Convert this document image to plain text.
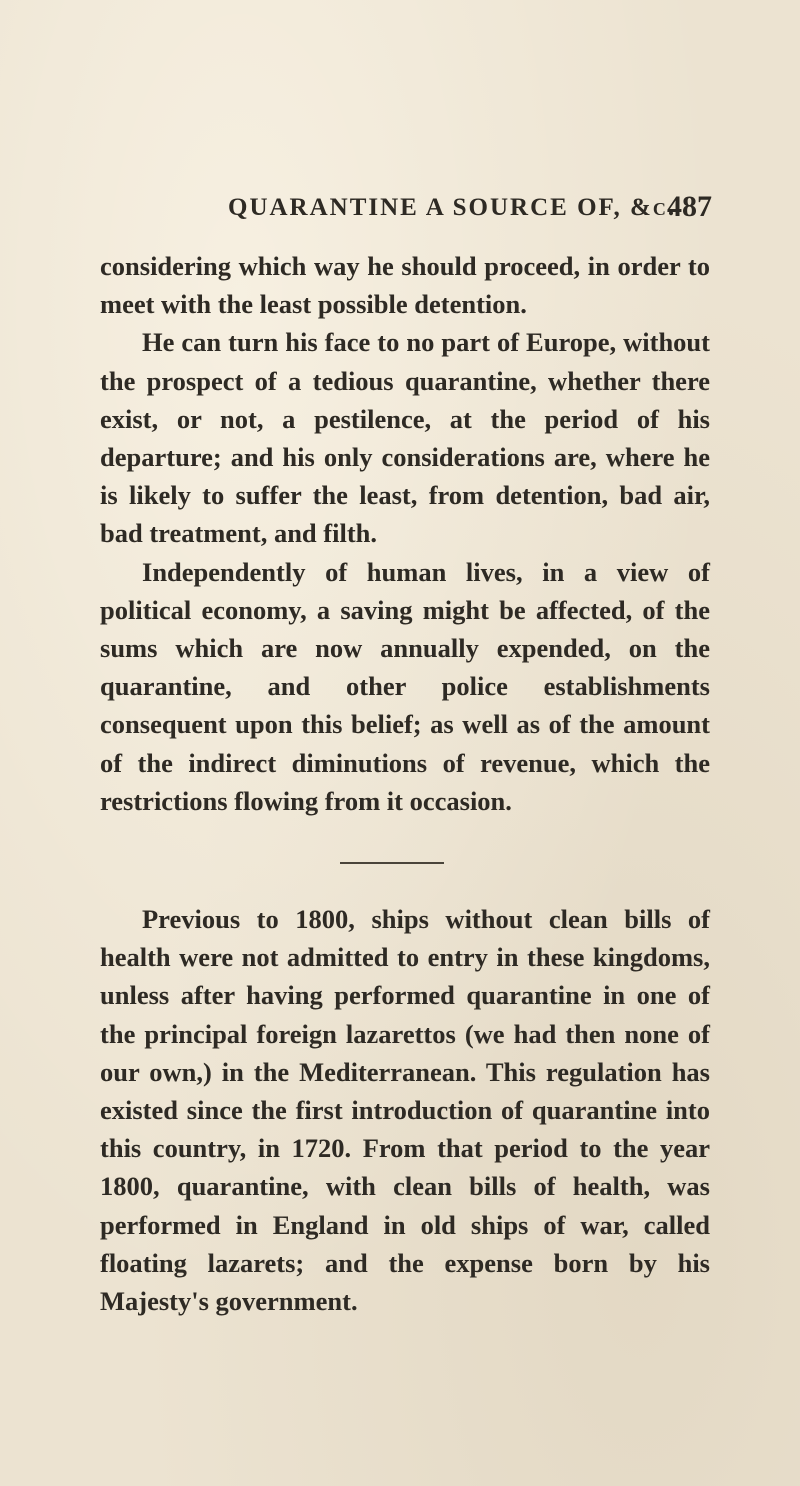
QUARANTINE A SOURCE OF, &c.
487

considering which way he should proceed, in order to meet with the least possible detention.

He can turn his face to no part of Europe, without the prospect of a tedious quarantine, whether there exist, or not, a pestilence, at the period of his departure; and his only considerations are, where he is likely to suffer the least, from detention, bad air, bad treatment, and filth.

Independently of human lives, in a view of political economy, a saving might be affected, of the sums which are now annually expended, on the quarantine, and other police establishments consequent upon this belief; as well as of the amount of the indirect diminutions of revenue, which the restrictions flowing from it occasion.

Previous to 1800, ships without clean bills of health were not admitted to entry in these kingdoms, unless after having performed quarantine in one of the principal foreign lazarettos (we had then none of our own,) in the Mediterranean. This regulation has existed since the first introduction of quarantine into this country, in 1720. From that period to the year 1800, quarantine, with clean bills of health, was performed in England in old ships of war, called floating lazarets; and the expense born by his Majesty's government.
